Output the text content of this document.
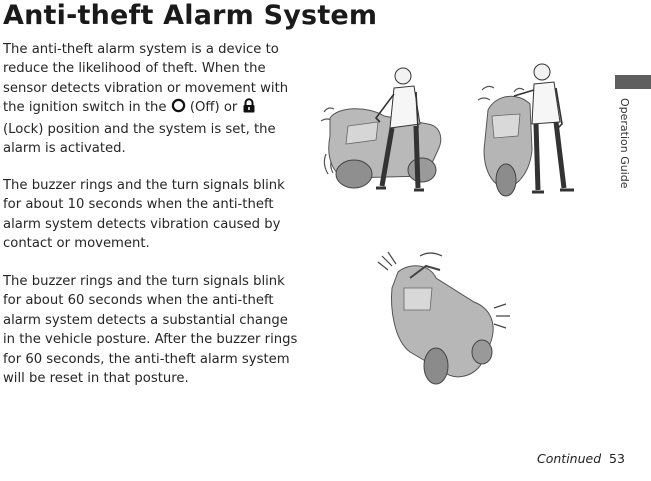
Anti-theft Alarm System

The anti-theft alarm system is a device to reduce the likelihood of theft. When the sensor detects vibration or movement with the ignition switch in the  (Off) or  (Lock) position and the system is set, the alarm is activated.

The buzzer rings and the turn signals blink for about 10 seconds when the anti-theft alarm system detects vibration caused by contact or movement.

The buzzer rings and the turn signals blink for about 60 seconds when the anti-theft alarm system detects a substantial change in the vehicle posture. After the buzzer rings for 60 seconds, the anti-theft alarm system will be reset in that posture.

Operation Guide
Continued 53
